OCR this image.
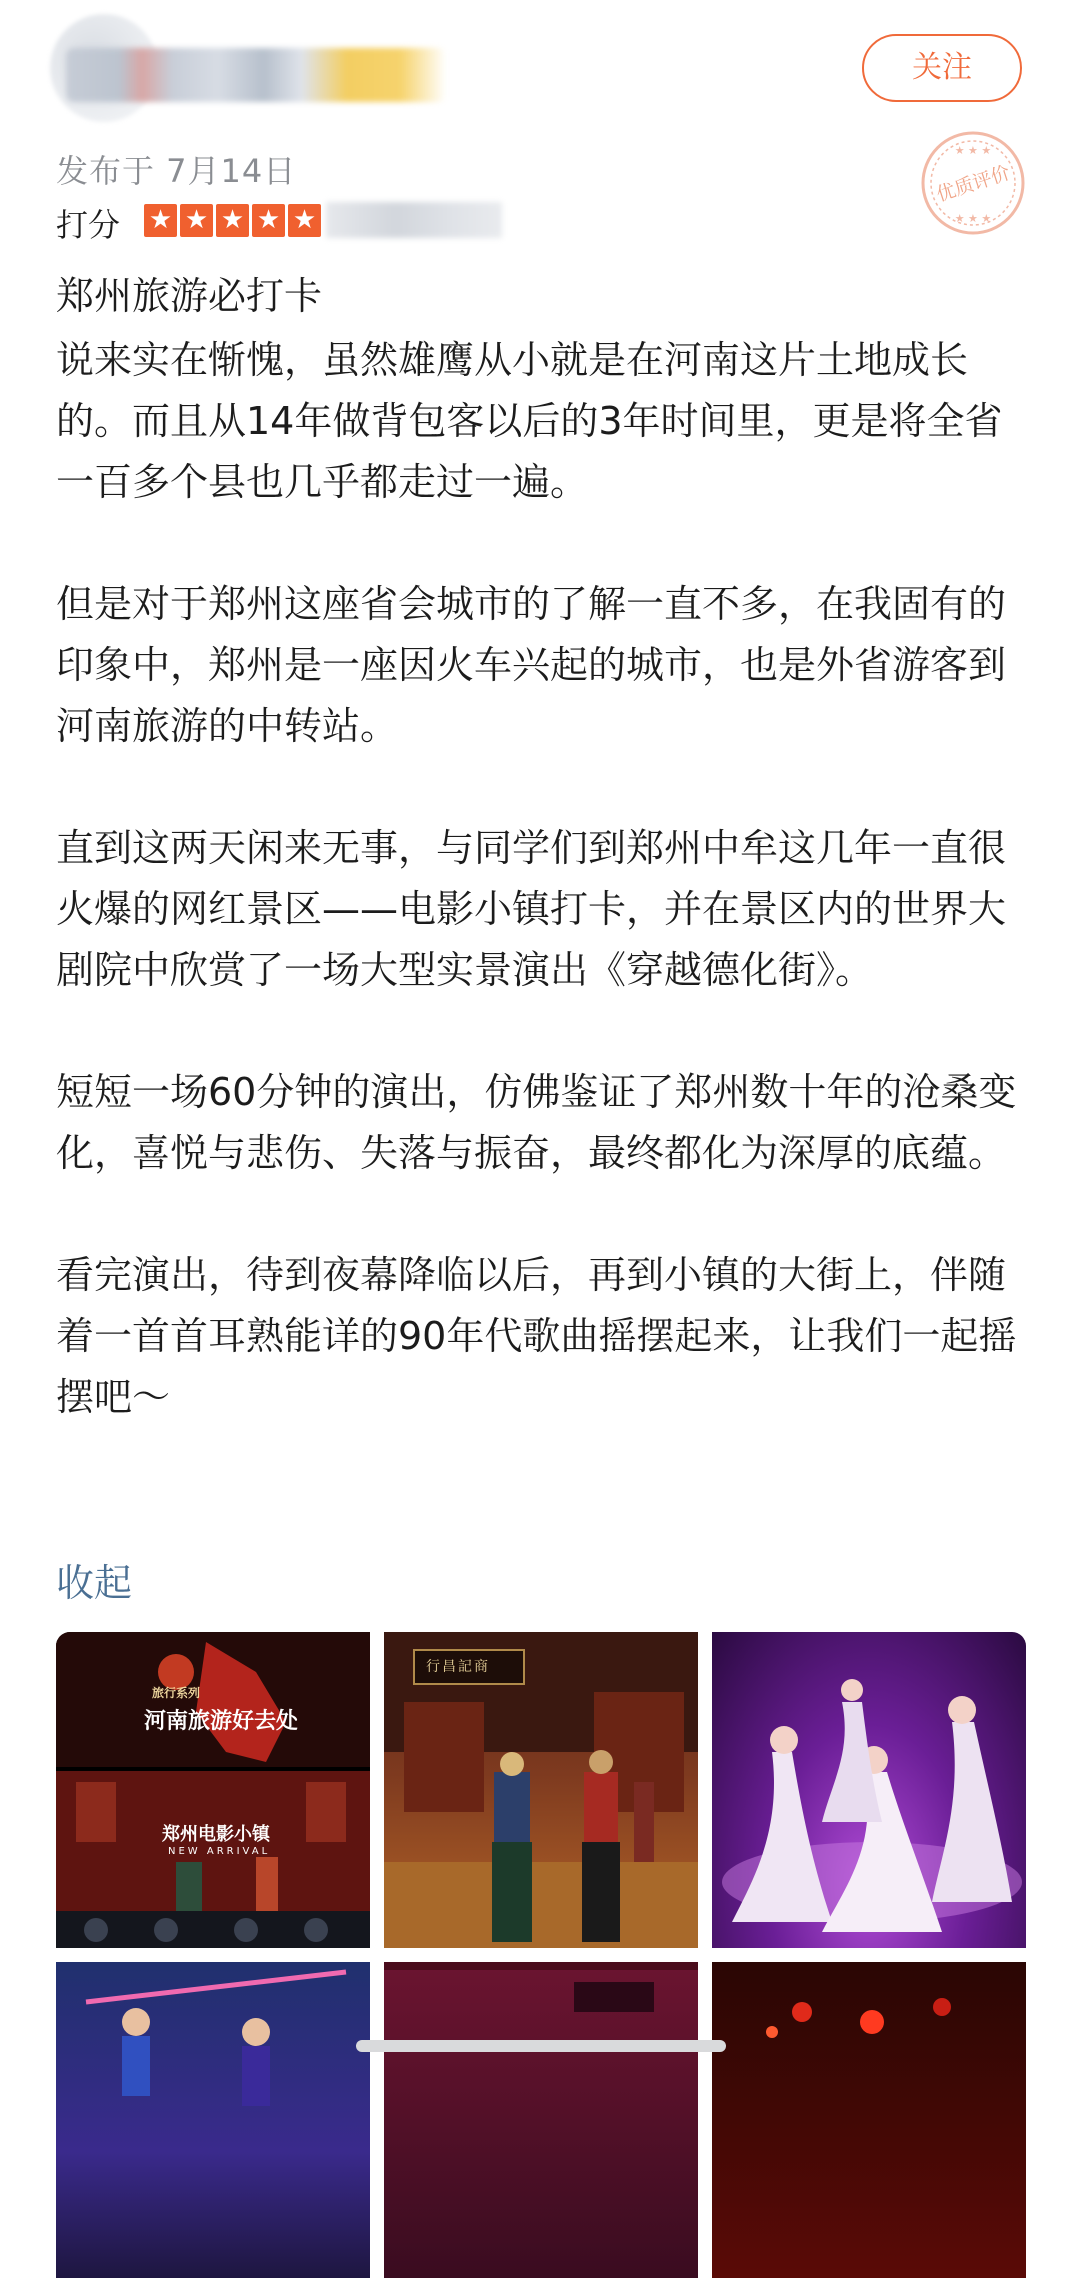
关注
发布于 7月14日
打分 ★ ★ ★ ★ ★
优质评价
★ ★ ★
★ ★ ★
郑州旅游必打卡

说来实在惭愧，虽然雄鹰从小就是在河南这片土地成长的。而且从14年做背包客以后的3年时间里，更是将全省一百多个县也几乎都走过一遍。

但是对于郑州这座省会城市的了解一直不多，在我固有的印象中，郑州是一座因火车兴起的城市，也是外省游客到河南旅游的中转站。

直到这两天闲来无事，与同学们到郑州中牟这几年一直很火爆的网红景区——电影小镇打卡，并在景区内的世界大剧院中欣赏了一场大型实景演出《穿越德化街》。

短短一场60分钟的演出，仿佛鉴证了郑州数十年的沧桑变化，喜悦与悲伤、失落与振奋，最终都化为深厚的底蕴。

看完演出，待到夜幕降临以后，再到小镇的大街上，伴随着一首首耳熟能详的90年代歌曲摇摆起来，让我们一起摇摆吧～

收起
旅行系列
河南旅游好去处
郑州电影小镇
NEW ARRIVAL
行昌記商
